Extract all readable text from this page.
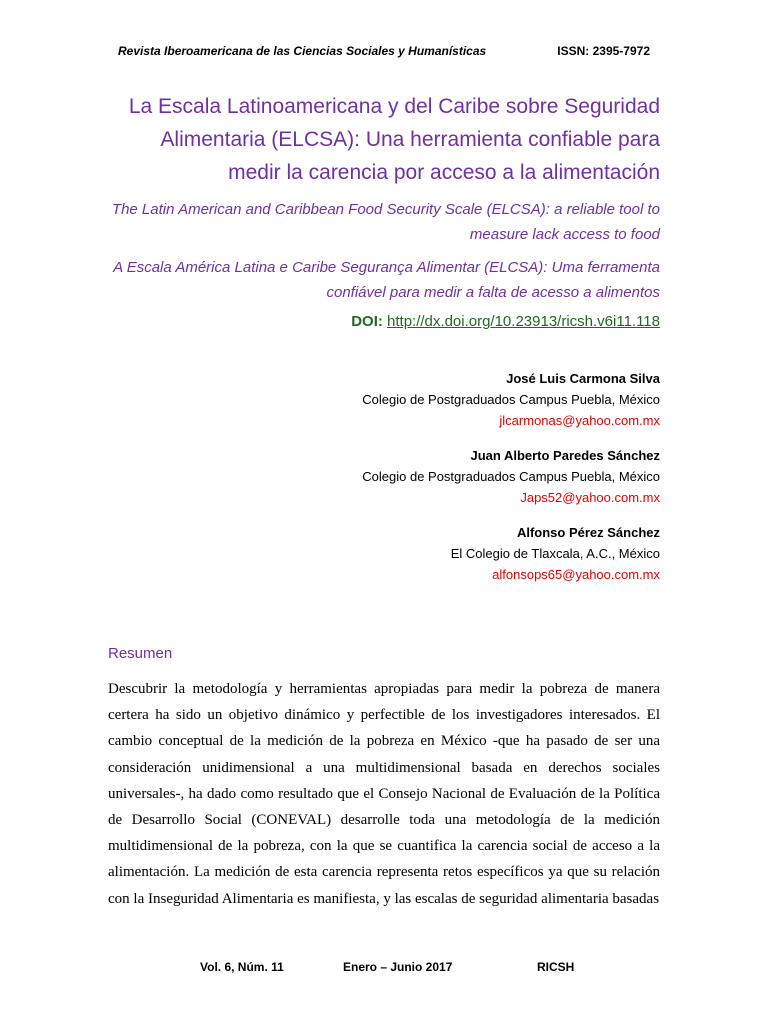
Revista Iberoamericana de las Ciencias Sociales y Humanísticas	ISSN: 2395-7972
La Escala Latinoamericana y del Caribe sobre Seguridad Alimentaria (ELCSA): Una herramienta confiable para medir la carencia por acceso a la alimentación

The Latin American and Caribbean Food Security Scale (ELCSA): a reliable tool to measure lack access to food

A Escala América Latina e Caribe Segurança Alimentar (ELCSA): Uma ferramenta confiável para medir a falta de acesso a alimentos

DOI: http://dx.doi.org/10.23913/ricsh.v6i11.118
José Luis Carmona Silva
Colegio de Postgraduados Campus Puebla, México
jlcarmonas@yahoo.com.mx
Juan Alberto Paredes Sánchez
Colegio de Postgraduados Campus Puebla, México
Japs52@yahoo.com.mx
Alfonso Pérez Sánchez
El Colegio de Tlaxcala, A.C., México
alfonsops65@yahoo.com.mx
Resumen

Descubrir la metodología y herramientas apropiadas para medir la pobreza de manera certera ha sido un objetivo dinámico y perfectible de los investigadores interesados. El cambio conceptual de la medición de la pobreza en México -que ha pasado de ser una consideración unidimensional a una multidimensional basada en derechos sociales universales-, ha dado como resultado que el Consejo Nacional de Evaluación de la Política de Desarrollo Social (CONEVAL) desarrolle toda una metodología de la medición multidimensional de la pobreza, con la que se cuantifica la carencia social de acceso a la alimentación. La medición de esta carencia representa retos específicos ya que su relación con la Inseguridad Alimentaria es manifiesta, y las escalas de seguridad alimentaria basadas

Vol. 6, Núm. 11	Enero – Junio 2017	RICSH
